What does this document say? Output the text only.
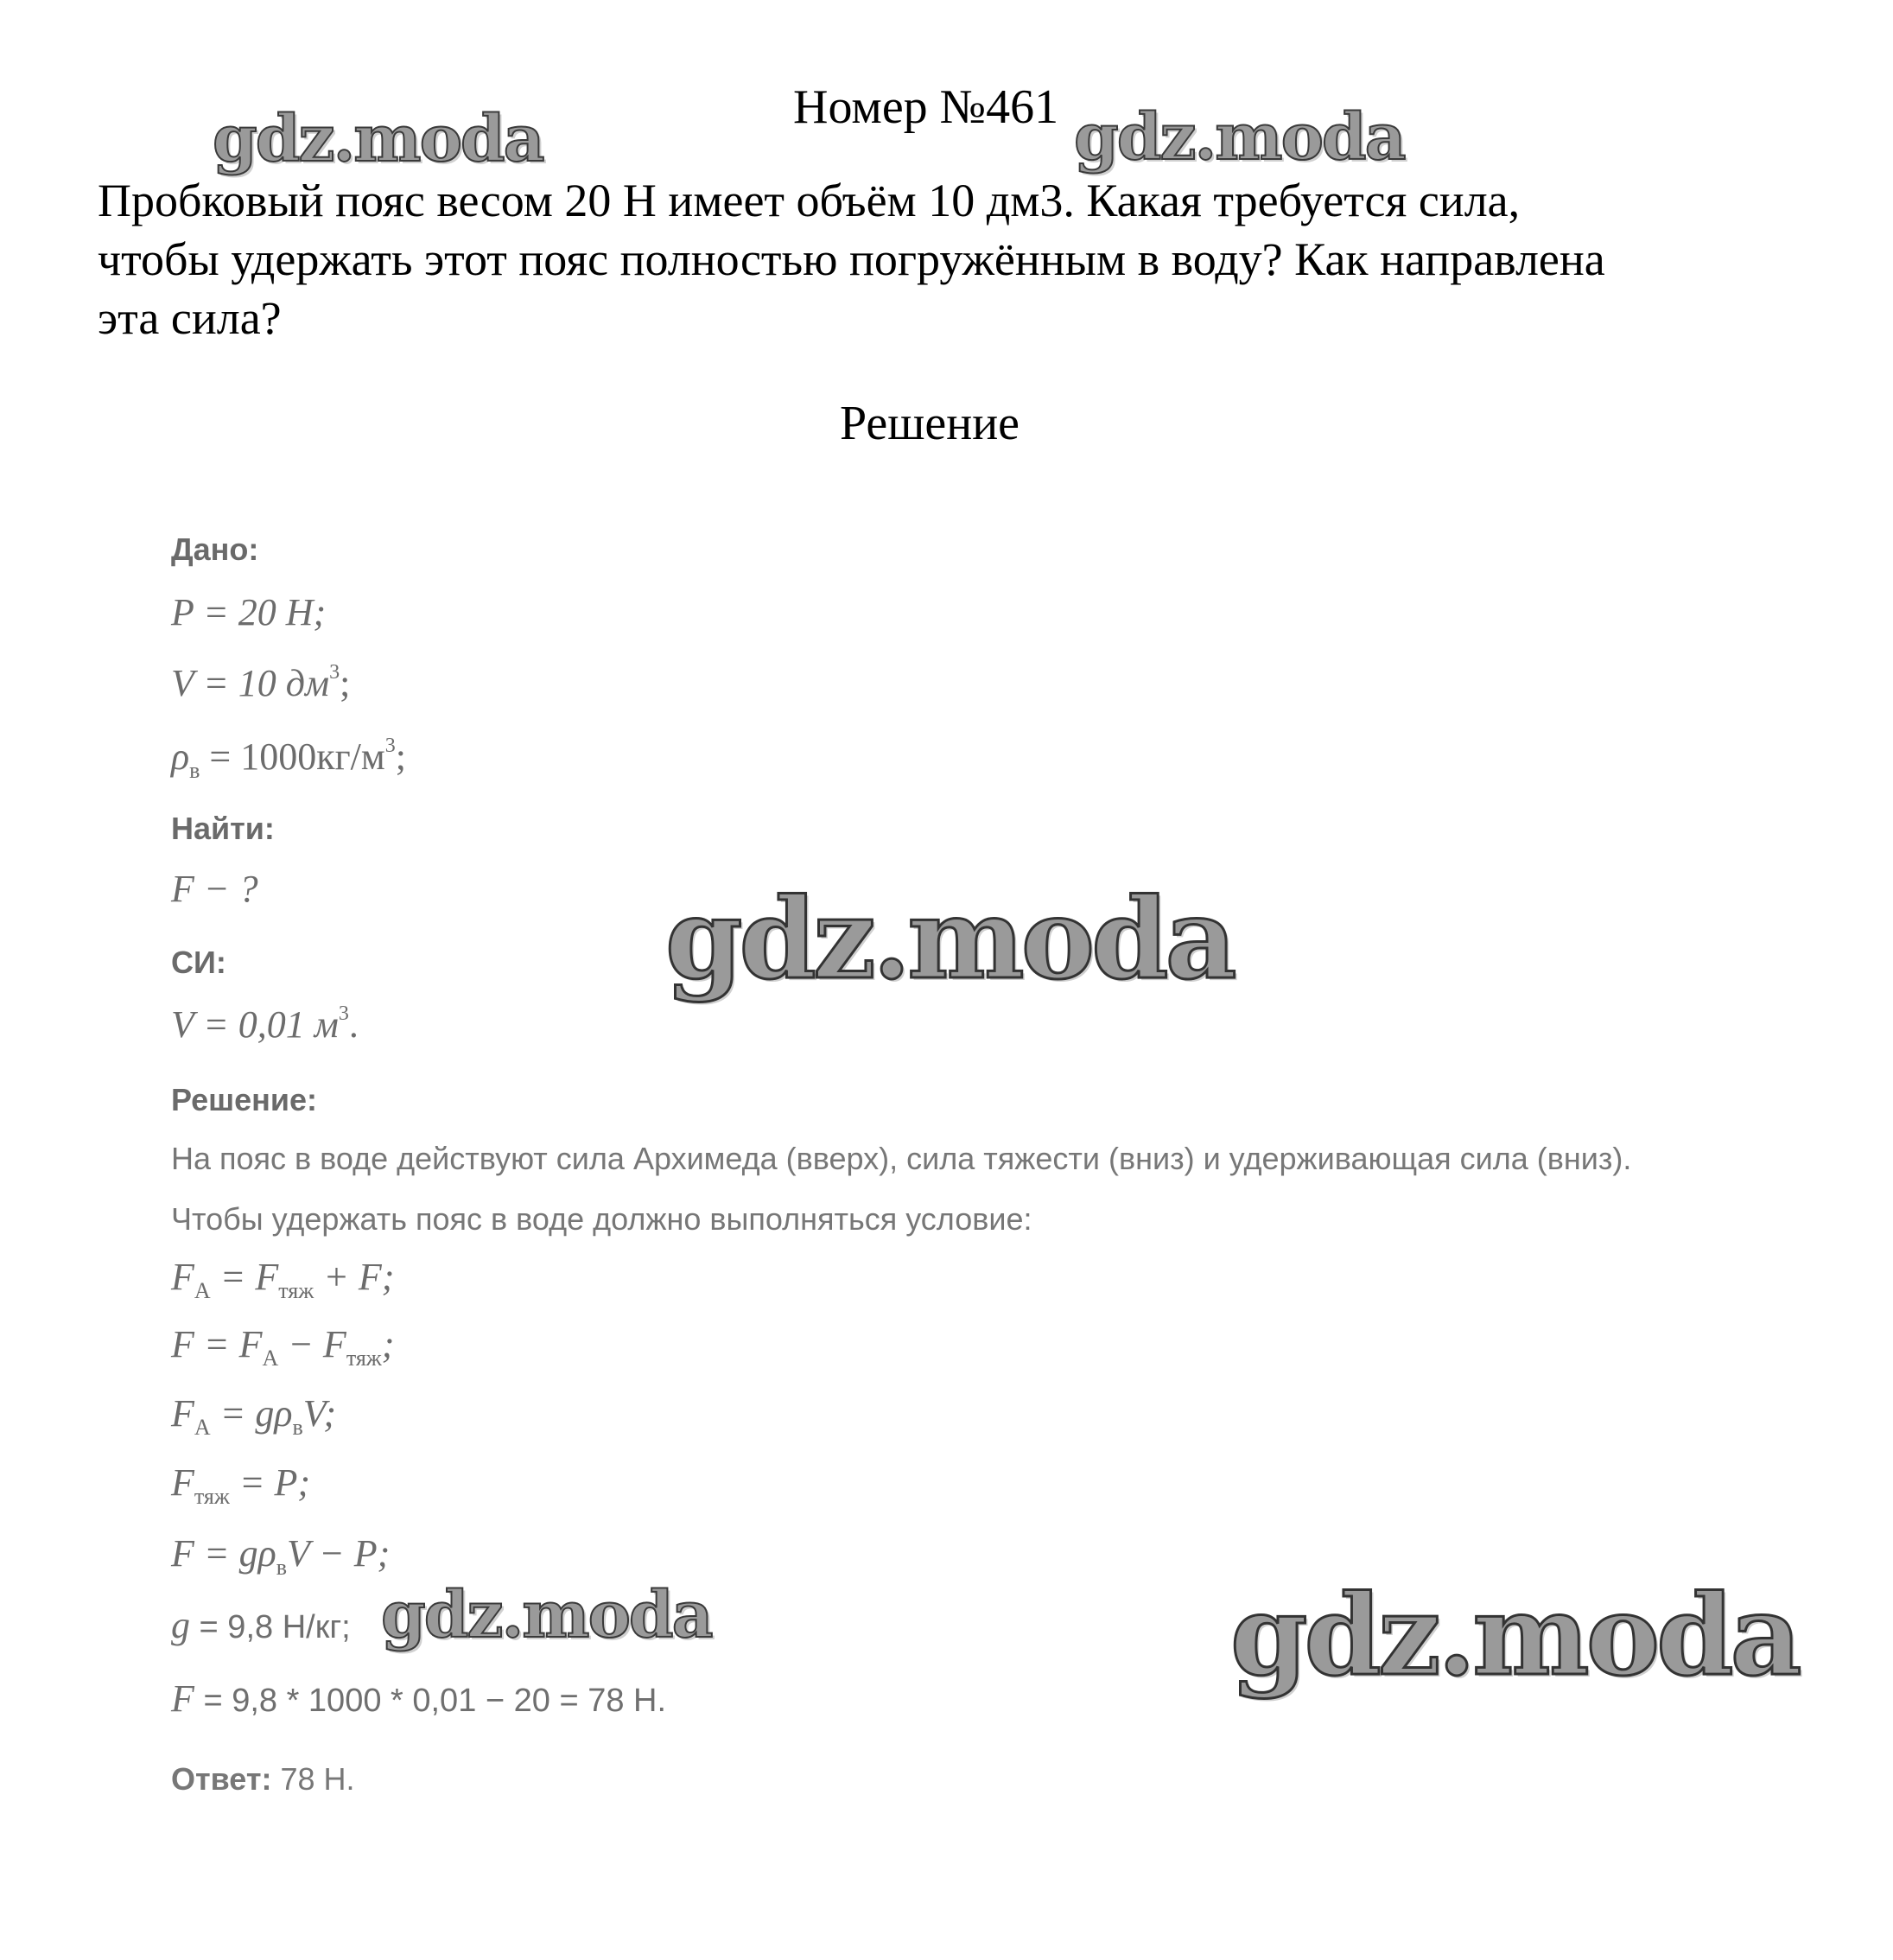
Номер №461

Пробковый пояс весом 20 Н имеет объём 10 дм3. Какая требуется сила,

чтобы удержать этот пояс полностью погружённым в воду? Как направлена

эта сила?

Решение
Дано:
P = 20 Н;
V = 10 $дм^3$;
$\rho_в = 1000кг/м^3$;
Найти:
F − ?
СИ:
V = 0,01 $м^3$.
Решение:
На пояс в воде действуют сила Архимеда (вверх), сила тяжести (вниз) и удерживающая сила (вниз).
Чтобы удержать пояс в воде должно выполняться условие:
$F_А = F_{тяж} + F$;
$F = F_А - F_{тяж}$;
$F_А = g\rho_вV$;
$F_{тяж} = P$;
$F = g\rho_вV - P$;
g = 9,8 Н/кг;
F = 9,8 * 1000 * 0,01 − 20 = 78 Н.
Ответ: 78 Н.
gdz.moda	gdz.moda
gdz.moda
gdz.moda	gdz.moda
